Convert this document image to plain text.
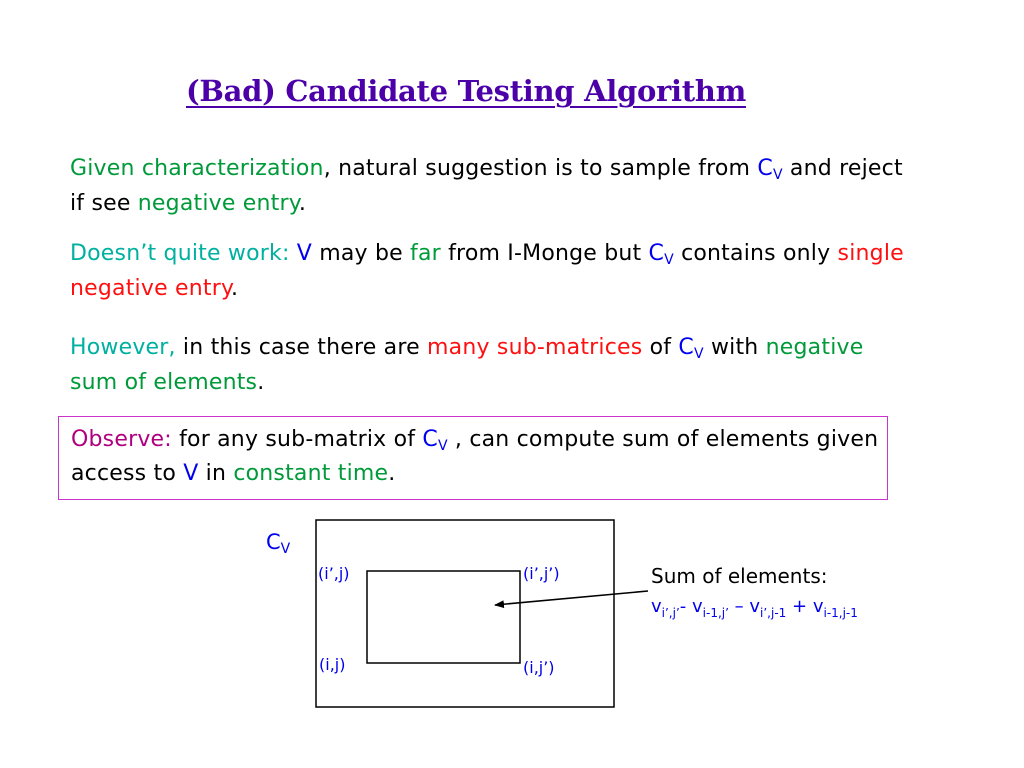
(Bad) Candidate Testing Algorithm
Given characterization, natural suggestion is to sample from $C_V$ and reject if see negative entry.
Doesn’t quite work: V may be far from I-Monge but $C_V$ contains only single negative entry.
However, in this case there are many sub-matrices of $C_V$ with negative sum of elements.
Observe: for any sub-matrix of $C_V$ , can compute sum of elements given access to V in constant time.
$C_V$
(i’,j)	(i’,j’)
(i,j)	(i,j’)
Sum of elements:
$v_{i’,j’}-$ $v_{i-1,j’} - v_{i’,j-1} + v_{i-1,j-1}$
